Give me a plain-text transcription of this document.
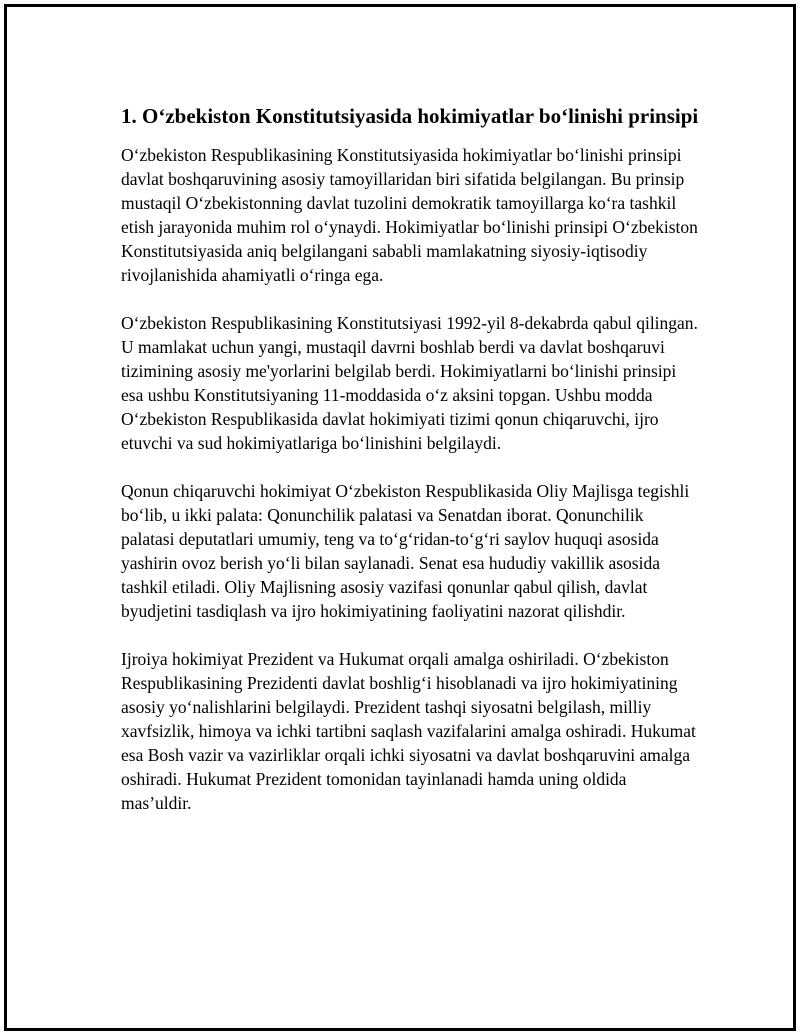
1. Oʻzbekiston Konstitutsiyasida hokimiyatlar boʻlinishi prinsipi

Oʻzbekiston Respublikasining Konstitutsiyasida hokimiyatlar boʻlinishi prinsipi davlat boshqaruvining asosiy tamoyillaridan biri sifatida belgilangan. Bu prinsip mustaqil Oʻzbekistonning davlat tuzolini demokratik tamoyillarga koʻra tashkil etish jarayonida muhim rol oʻynaydi. Hokimiyatlar boʻlinishi prinsipi Oʻzbekiston Konstitutsiyasida aniq belgilangani sababli mamlakatning siyosiy-iqtisodiy rivojlanishida ahamiyatli oʻringa ega.

Oʻzbekiston Respublikasining Konstitutsiyasi 1992-yil 8-dekabrda qabul qilingan. U mamlakat uchun yangi, mustaqil davrni boshlab berdi va davlat boshqaruvi tizimining asosiy me'yorlarini belgilab berdi. Hokimiyatlarni boʻlinishi prinsipi esa ushbu Konstitutsiyaning 11-moddasida oʻz aksini topgan. Ushbu modda Oʻzbekiston Respublikasida davlat hokimiyati tizimi qonun chiqaruvchi, ijro etuvchi va sud hokimiyatlariga boʻlinishini belgilaydi.

Qonun chiqaruvchi hokimiyat Oʻzbekiston Respublikasida Oliy Majlisga tegishli boʻlib, u ikki palata: Qonunchilik palatasi va Senatdan iborat. Qonunchilik palatasi deputatlari umumiy, teng va toʻgʻridan-toʻgʻri saylov huquqi asosida yashirin ovoz berish yoʻli bilan saylanadi. Senat esa hududiy vakillik asosida tashkil etiladi. Oliy Majlisning asosiy vazifasi qonunlar qabul qilish, davlat byudjetini tasdiqlash va ijro hokimiyatining faoliyatini nazorat qilishdir.

Ijroiya hokimiyat Prezident va Hukumat orqali amalga oshiriladi. Oʻzbekiston Respublikasining Prezidenti davlat boshligʻi hisoblanadi va ijro hokimiyatining asosiy yoʻnalishlarini belgilaydi. Prezident tashqi siyosatni belgilash, milliy xavfsizlik, himoya va ichki tartibni saqlash vazifalarini amalga oshiradi. Hukumat esa Bosh vazir va vazirliklar orqali ichki siyosatni va davlat boshqaruvini amalga oshiradi. Hukumat Prezident tomonidan tayinlanadi hamda uning oldida masʼuldir.
